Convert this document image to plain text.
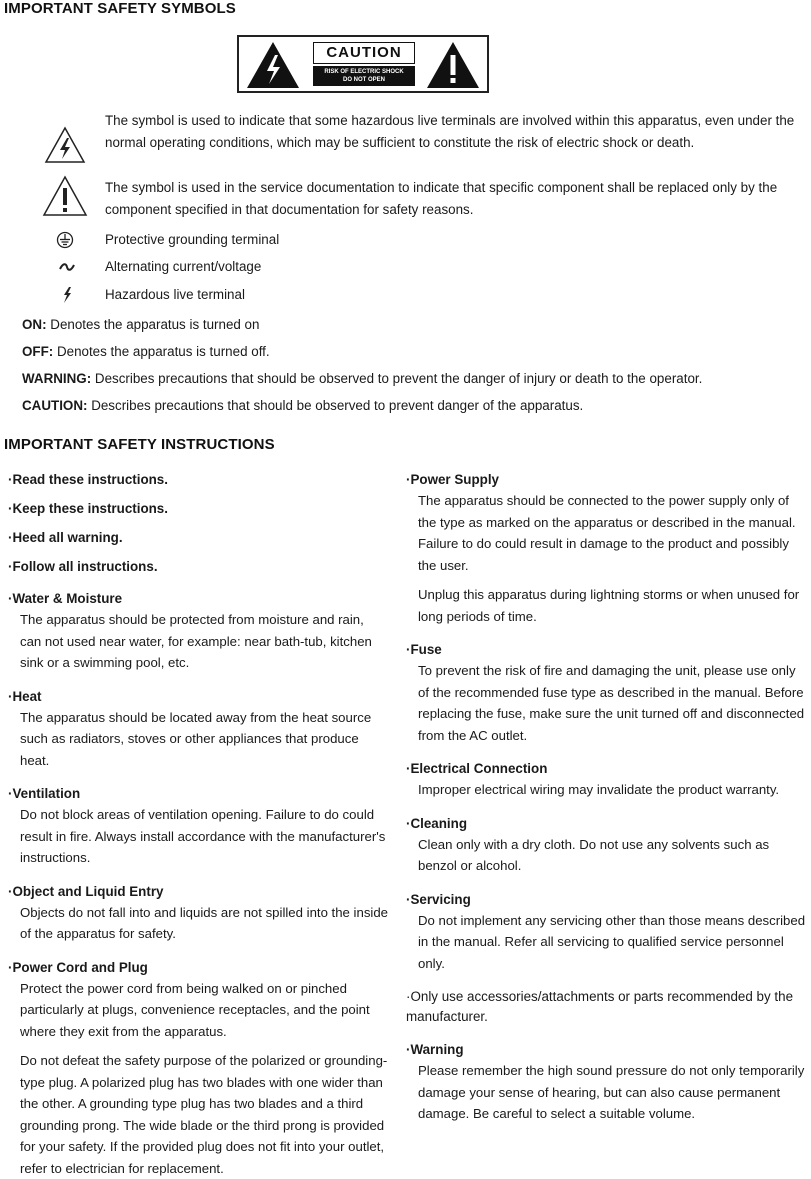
IMPORTANT SAFETY SYMBOLS
CAUTION
RISK OF ELECTRIC SHOCK
DO NOT OPEN
The symbol is used to indicate that some hazardous live terminals are involved within this apparatus, even under the normal operating conditions, which may be sufficient to constitute the risk of electric shock or death.
The symbol is used in the service documentation to indicate that specific component shall be replaced only by the component specified in that documentation for safety reasons.
Protective grounding terminal
Alternating current/voltage
Hazardous live terminal
ON: Denotes the apparatus is turned on
OFF: Denotes the apparatus is turned off.
WARNING: Describes precautions that should be observed to prevent the danger of injury or death to the operator.
CAUTION: Describes precautions that should be observed to prevent danger of the apparatus.
IMPORTANT SAFETY INSTRUCTIONS
·Read these instructions.
·Keep these instructions.
·Heed all warning.
·Follow all instructions.
·Water & Moisture
The apparatus should be protected from moisture and rain, can not used near water, for example: near bath-tub, kitchen sink or a swimming pool, etc.
·Heat
The apparatus should be located away from the heat source such as radiators, stoves or other appliances that produce heat.
·Ventilation
Do not block areas of ventilation opening. Failure to do could result in fire. Always install accordance with the manufacturer's instructions.
·Object and Liquid Entry
Objects do not fall into and liquids are not spilled into the inside of the apparatus for safety.
·Power Cord and Plug
Protect the power cord from being walked on or pinched particularly at plugs, convenience receptacles, and the point where they exit from the apparatus.
Do not defeat the safety purpose of the polarized or grounding-type plug. A polarized plug has two blades with one wider than the other. A grounding type plug has two blades and a third grounding prong. The wide blade or the third prong is provided for your safety. If the provided plug does not fit into your outlet, refer to electrician for replacement.
·Power Supply
The apparatus should be connected to the power supply only of the type as marked on the apparatus or described in the manual. Failure to do could result in damage to the product and possibly the user.
Unplug this apparatus during lightning storms or when unused for long periods of time.
·Fuse
To prevent the risk of fire and damaging the unit, please use only of the recommended fuse type as described in the manual. Before replacing the fuse, make sure the unit turned off and disconnected from the AC outlet.
·Electrical Connection
Improper electrical wiring may invalidate the product warranty.
·Cleaning
Clean only with a dry cloth. Do not use any solvents such as benzol or alcohol.
·Servicing
Do not implement any servicing other than those means described in the manual. Refer all servicing to qualified service personnel only.
·Only use accessories/attachments or parts recommended by the manufacturer.
·Warning
Please remember the high sound pressure do not only temporarily damage your sense of hearing, but can also cause permanent damage. Be careful to select a suitable volume.
